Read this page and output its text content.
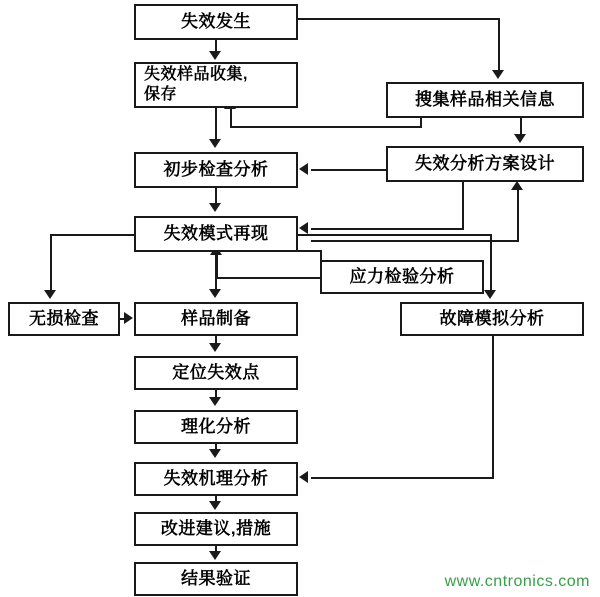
失效发生
失效样品收集,
保存	搜集样品相关信息
初步检查分析	失效分析方案设计
失效模式再现
应力检验分析
无损检查	样品制备	故障模拟分析
定位失效点
理化分析
失效机理分析
改进建议,措施
结果验证	www.cntronics.com
